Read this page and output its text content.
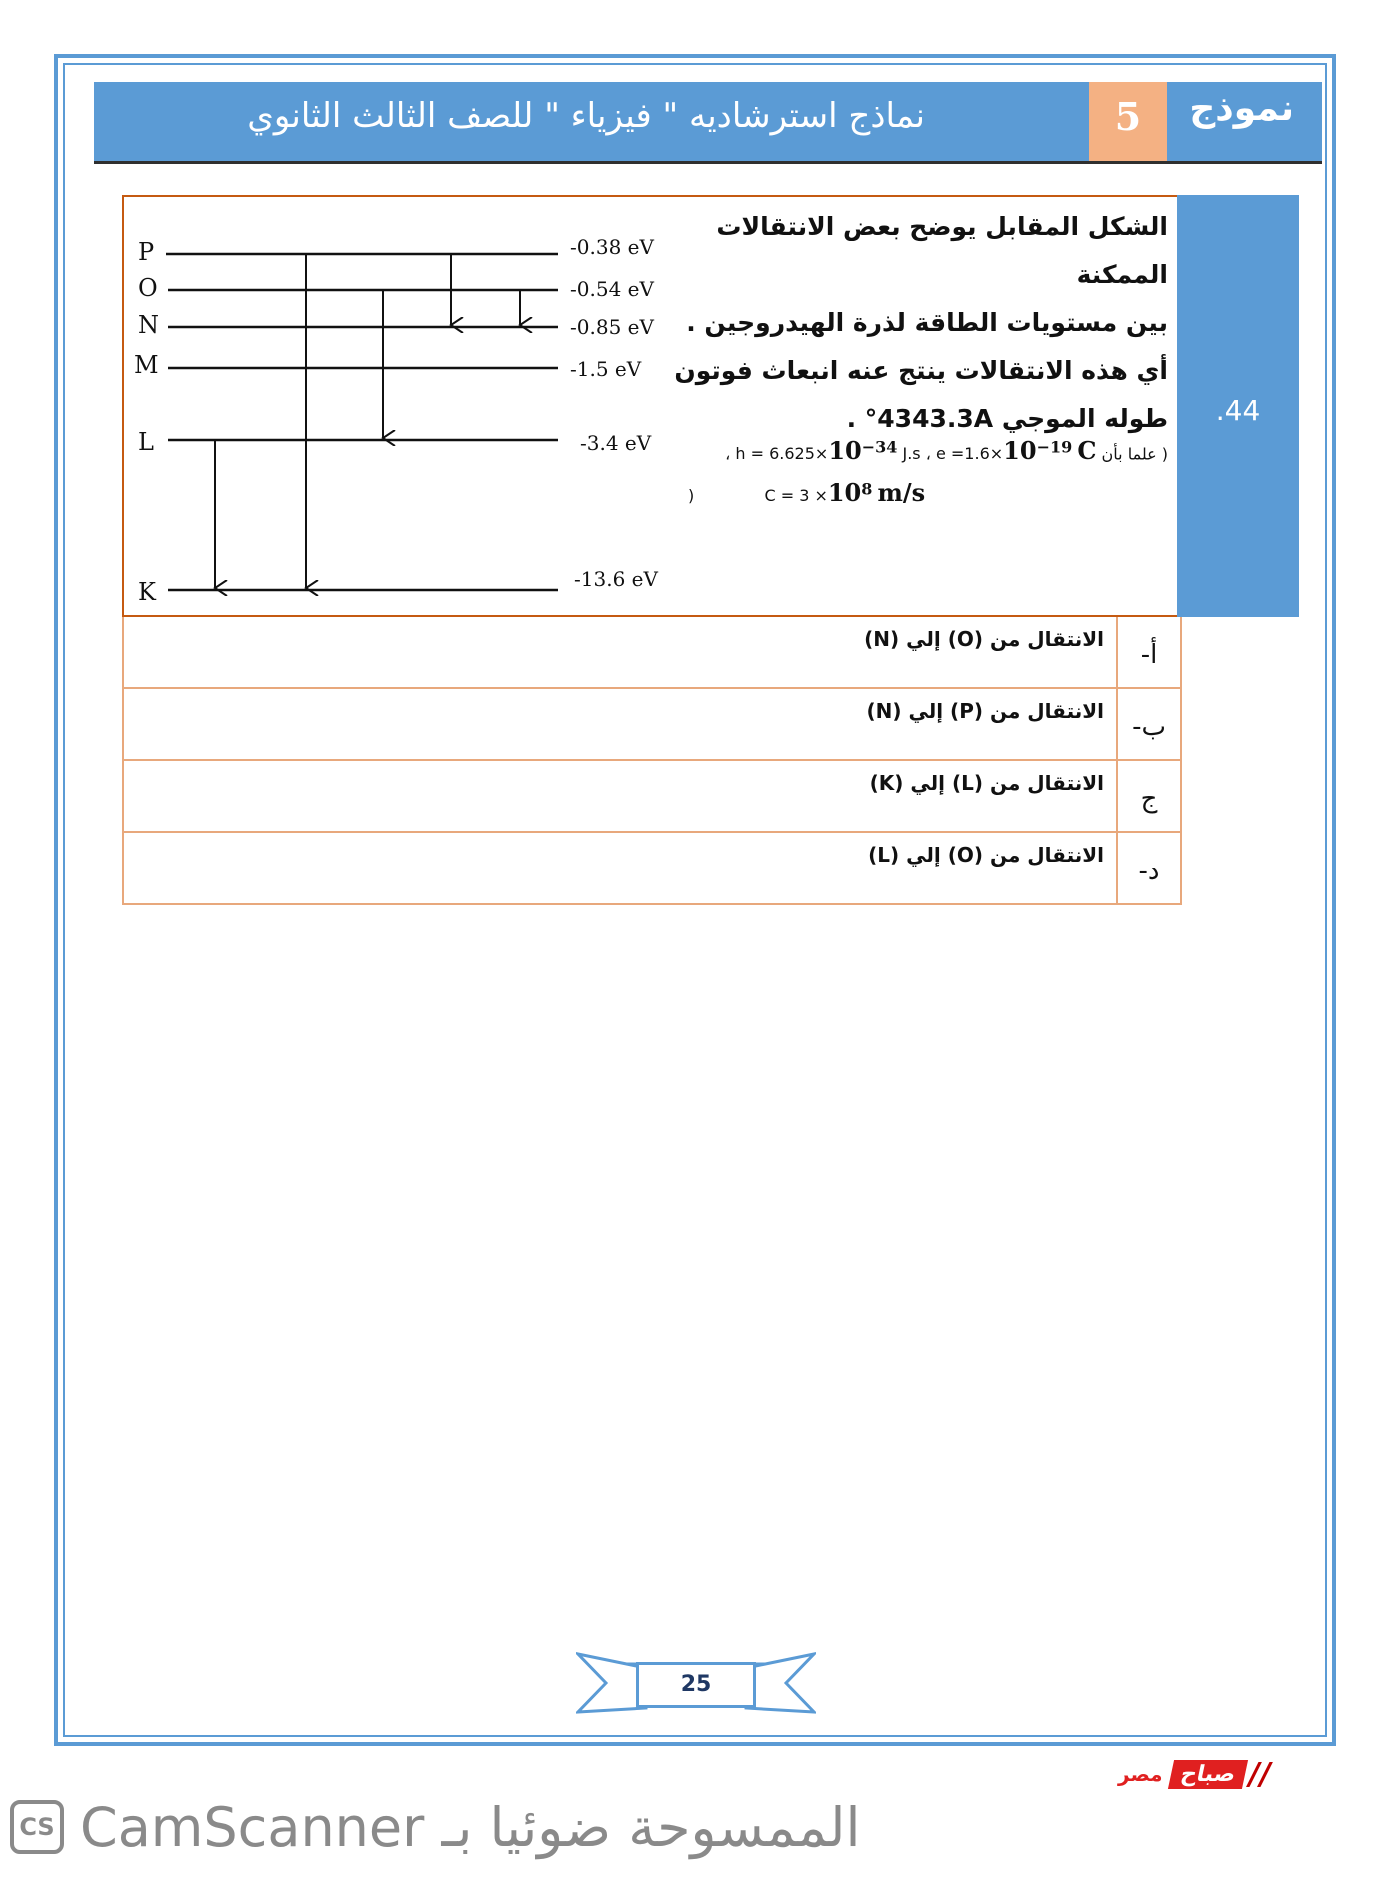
نماذج استرشاديه " فيزياء " للصف الثالث الثانوي	5	نموذج
.44
الشكل المقابل يوضح بعض الانتقالات الممكنة
بين مستويات الطاقة لذرة الهيدروجين .
أي هذه الانتقالات ينتج عنه انبعاث فوتون
طوله الموجي 4343.3A° .
( علما بأن $e =1.6\times 10^{-19}$ C ، $h = 6.625\times 10^{-34}$ J.s ،
)	$C = 3 \times 10^8$ m/s
P
O
N
M
L
K
-0.38 eV
-0.54 eV
-0.85 eV
-1.5 eV
-3.4 eV
-13.6 eV
أ-
الانتقال من (O) إلي (N)
ب-
الانتقال من (P) إلي (N)
ج
الانتقال من (L) إلي (K)
د-
الانتقال من (O) إلي (L)
25
//
صباح
مصر
CS الممسوحة ضوئيا بـ CamScanner
